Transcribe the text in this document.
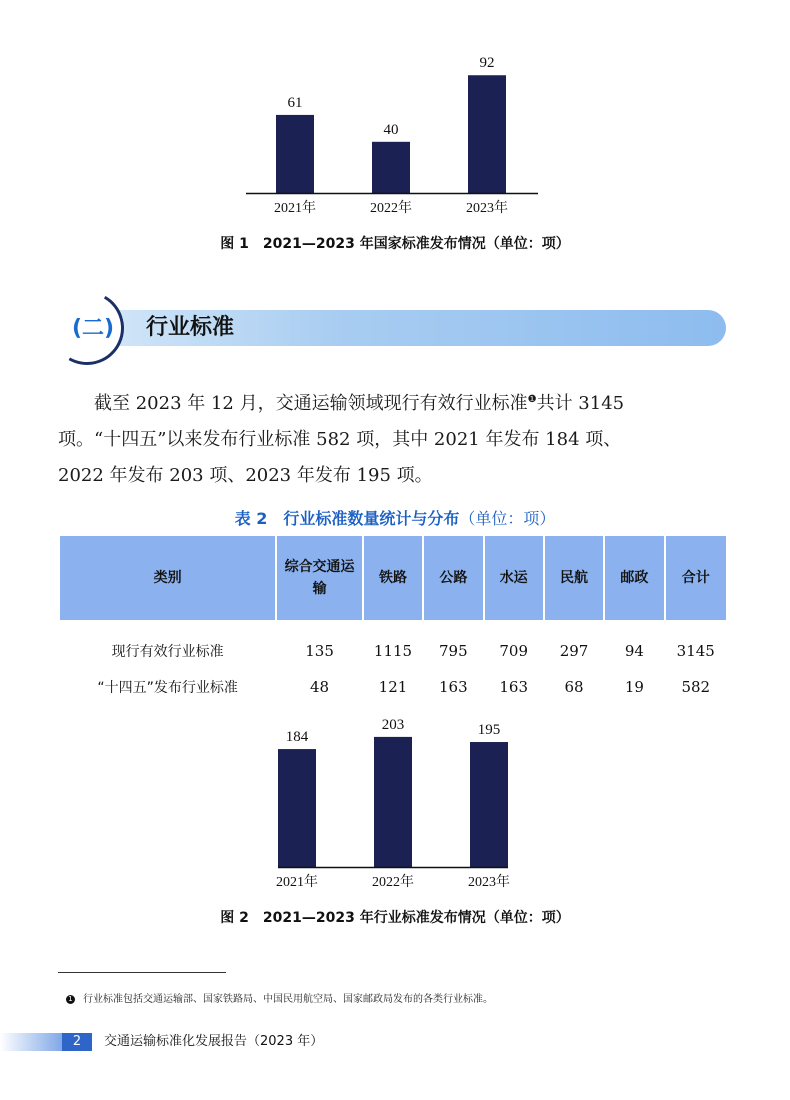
61
2021年
40
2022年
92
2023年
图 1　2021—2023 年国家标准发布情况（单位：项）
(二)	行业标准
　　截至 2023 年 12 月，交通运输领域现行有效行业标准$^❶$共计 3145
项。“十四五”以来发布行业标准 582 项，其中 2021 年发布 184 项、
2022 年发布 203 项、2023 年发布 195 项。
表 2　行业标准数量统计与分布（单位：项）
类别	综合交通运输	铁路	公路	水运	民航	邮政	合计
现行有效行业标准	135	1115	795	709	297	94	3145
“十四五”发布行业标准	48	121	163	163	68	19	582
184
2021年
203
2022年
195
2023年
图 2　2021—2023 年行业标准发布情况（单位：项）
1 行业标准包括交通运输部、国家铁路局、中国民用航空局、国家邮政局发布的各类行业标准。
2	交通运输标准化发展报告（2023 年）
